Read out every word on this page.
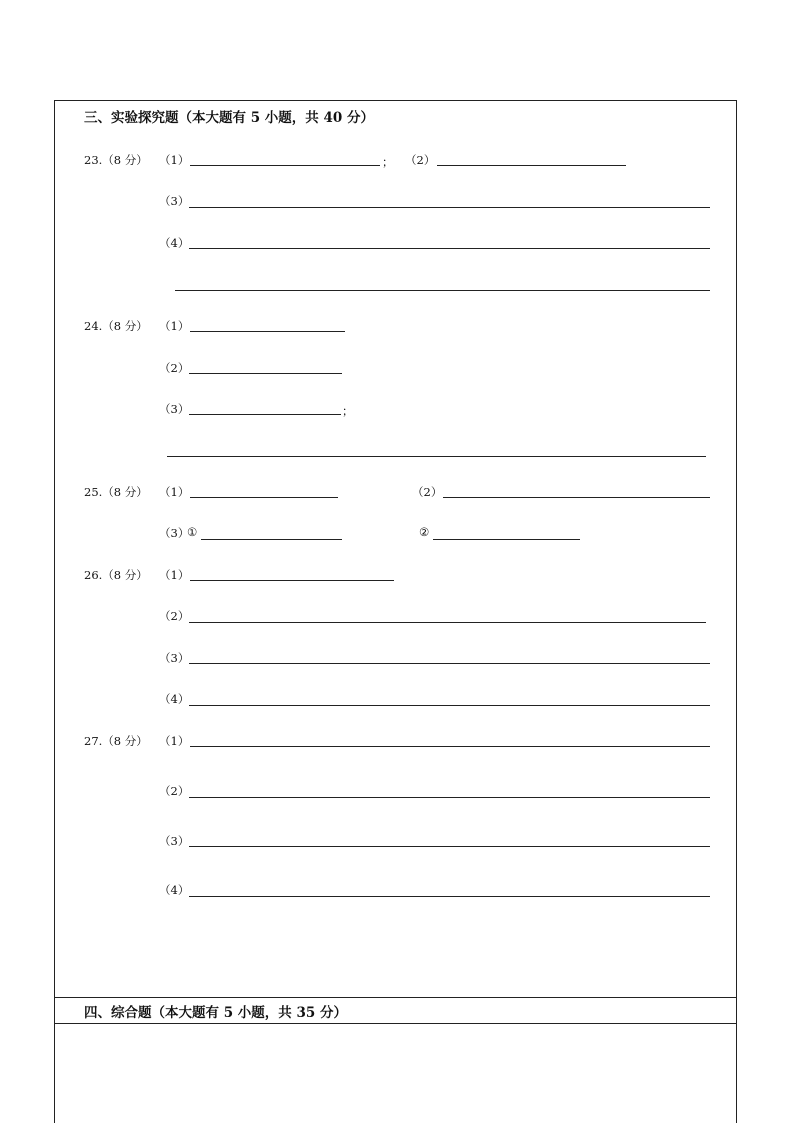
三、实验探究题（本大题有 5 小题，共 40 分）
23.（8 分） （1）	； （2）
（3）
（4）
24.（8 分） （1）
（2）
（3）	；
25.（8 分） （1）	（2）
（3）
①	②
26.（8 分） （1）
（2）
（3）
（4）
27.（8 分） （1）
（2）
（3）
（4）
四、综合题（本大题有 5 小题，共 35 分）
